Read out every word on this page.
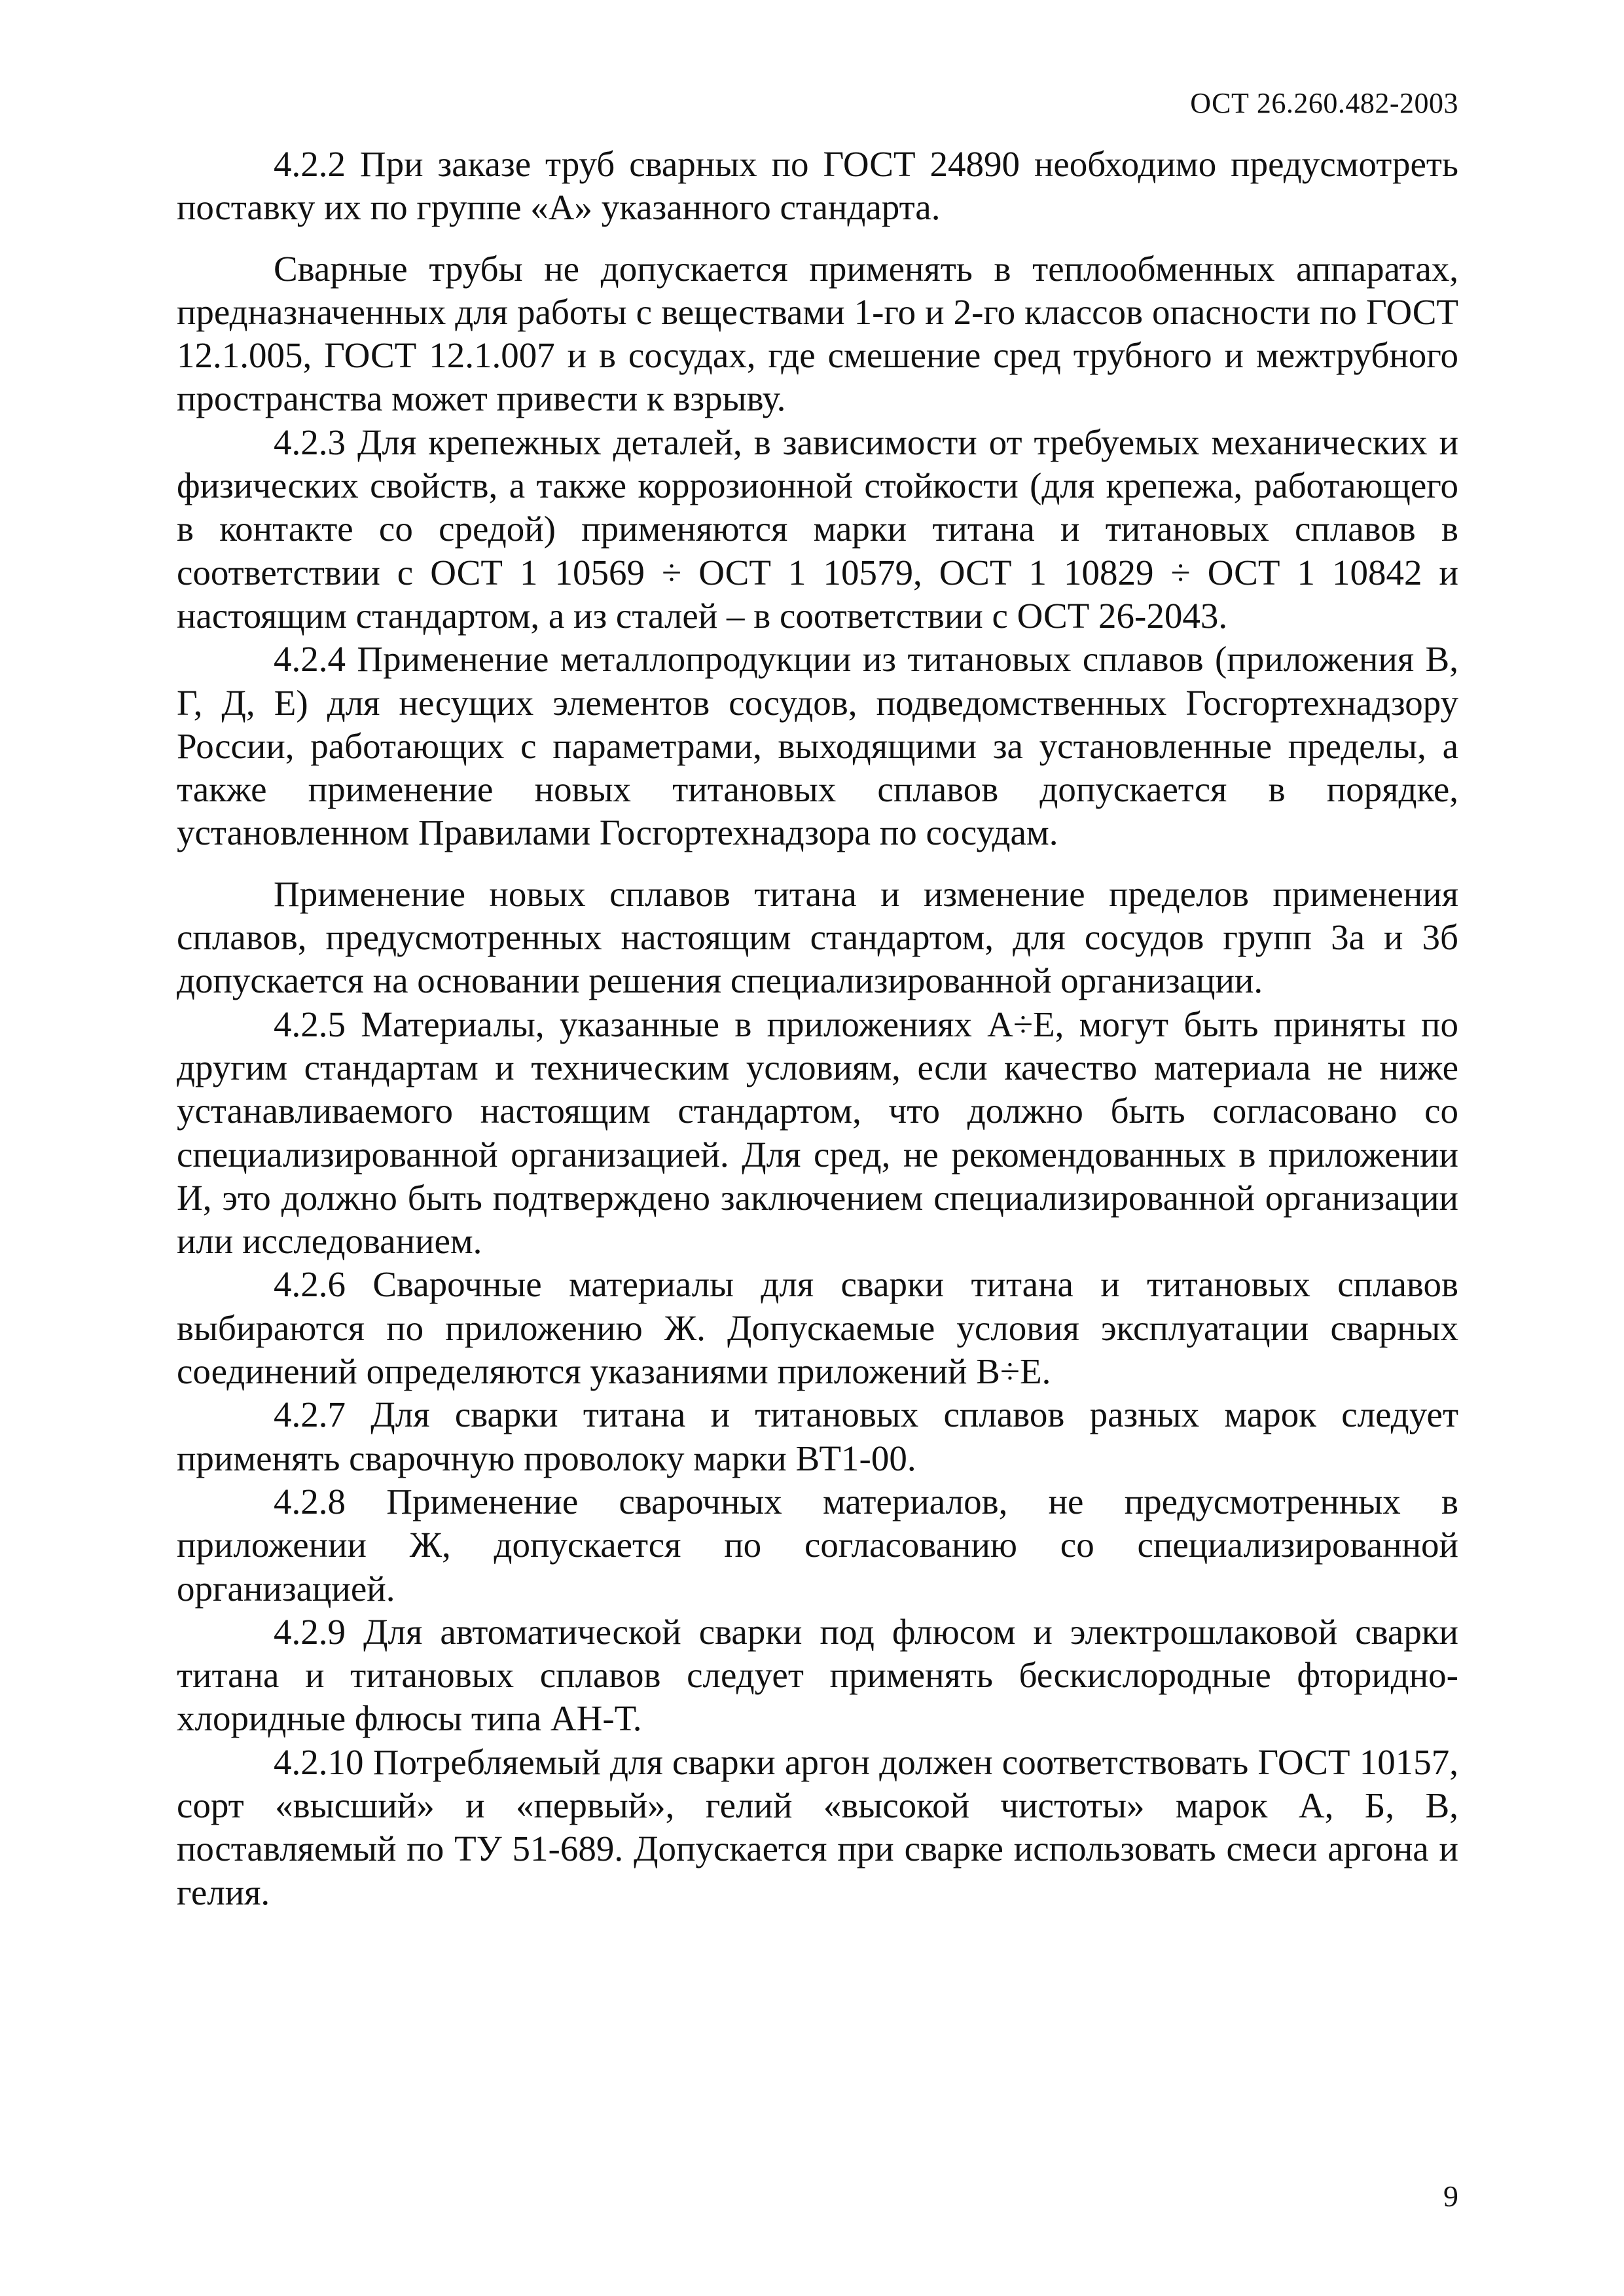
ОСТ 26.260.482-2003

4.2.2 При заказе труб сварных по ГОСТ 24890 необходимо предусмотреть поставку их по группе «А» указанного стандарта.

Сварные трубы не допускается применять в теплообменных аппаратах, предназначенных для работы с веществами 1-го и 2-го классов опасности по ГОСТ 12.1.005, ГОСТ 12.1.007 и в сосудах, где смешение сред трубного и межтрубного пространства может привести к взрыву.

4.2.3 Для крепежных деталей, в зависимости от требуемых механических и физических свойств, а также коррозионной стойкости (для крепежа, работающего в контакте со средой) применяются марки титана и титановых сплавов в соответствии с ОСТ 1 10569 ÷ ОСТ 1 10579, ОСТ 1 10829 ÷ ОСТ 1 10842 и настоящим стандартом, а из сталей – в соответствии с ОСТ 26-2043.

4.2.4 Применение металлопродукции из титановых сплавов (приложения В, Г, Д, Е) для несущих элементов сосудов, подведомственных Госгортехнадзору России, работающих с параметрами, выходящими за установленные пределы, а также применение новых титановых сплавов допускается в порядке, установленном Правилами Госгортехнадзора по сосудам.

Применение новых сплавов титана и изменение пределов применения сплавов, предусмотренных настоящим стандартом, для сосудов групп 3а и 3б допускается на основании решения специализированной организации.

4.2.5 Материалы, указанные в приложениях А÷Е, могут быть приняты по другим стандартам и техническим условиям, если качество материала не ниже устанавливаемого настоящим стандартом, что должно быть согласовано со специализированной организацией. Для сред, не рекомендованных в приложении И, это должно быть подтверждено заключением специализированной организации или исследованием.

4.2.6 Сварочные материалы для сварки титана и титановых сплавов выбираются по приложению Ж. Допускаемые условия эксплуатации сварных соединений определяются указаниями приложений В÷Е.

4.2.7 Для сварки титана и титановых сплавов разных марок следует применять сварочную проволоку марки ВТ1-00.

4.2.8 Применение сварочных материалов, не предусмотренных в приложении Ж, допускается по согласованию со специализированной организацией.

4.2.9 Для автоматической сварки под флюсом и электрошлаковой сварки титана и титановых сплавов следует применять бескислородные фторидно-хлоридные флюсы типа АН-Т.

4.2.10 Потребляемый для сварки аргон должен соответствовать ГОСТ 10157, сорт «высший» и «первый», гелий «высокой чистоты» марок А, Б, В, поставляемый по ТУ 51-689. Допускается при сварке использовать смеси аргона и гелия.

9
